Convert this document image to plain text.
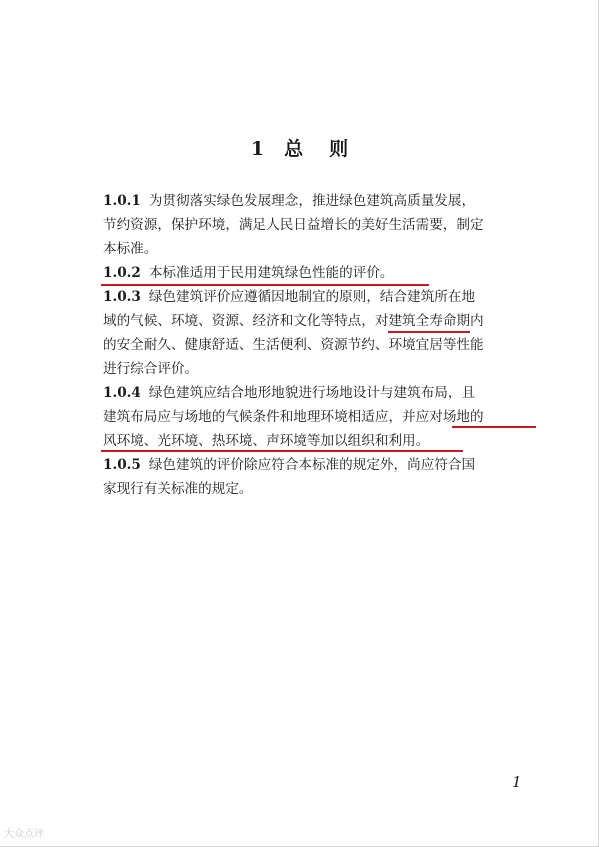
1 总 则
1.0.1 为贯彻落实绿色发展理念，推进绿色建筑高质量发展，
节约资源，保护环境，满足人民日益增长的美好生活需要，制定
本标准。
1.0.2 本标准适用于民用建筑绿色性能的评价。
1.0.3 绿色建筑评价应遵循因地制宜的原则，结合建筑所在地
域的气候、环境、资源、经济和文化等特点，对建筑全寿命期内
的安全耐久、健康舒适、生活便利、资源节约、环境宜居等性能
进行综合评价。
1.0.4 绿色建筑应结合地形地貌进行场地设计与建筑布局，且
建筑布局应与场地的气候条件和地理环境相适应，并应对场地的
风环境、光环境、热环境、声环境等加以组织和利用。
1.0.5 绿色建筑的评价除应符合本标准的规定外，尚应符合国
家现行有关标准的规定。
1
大众点评
